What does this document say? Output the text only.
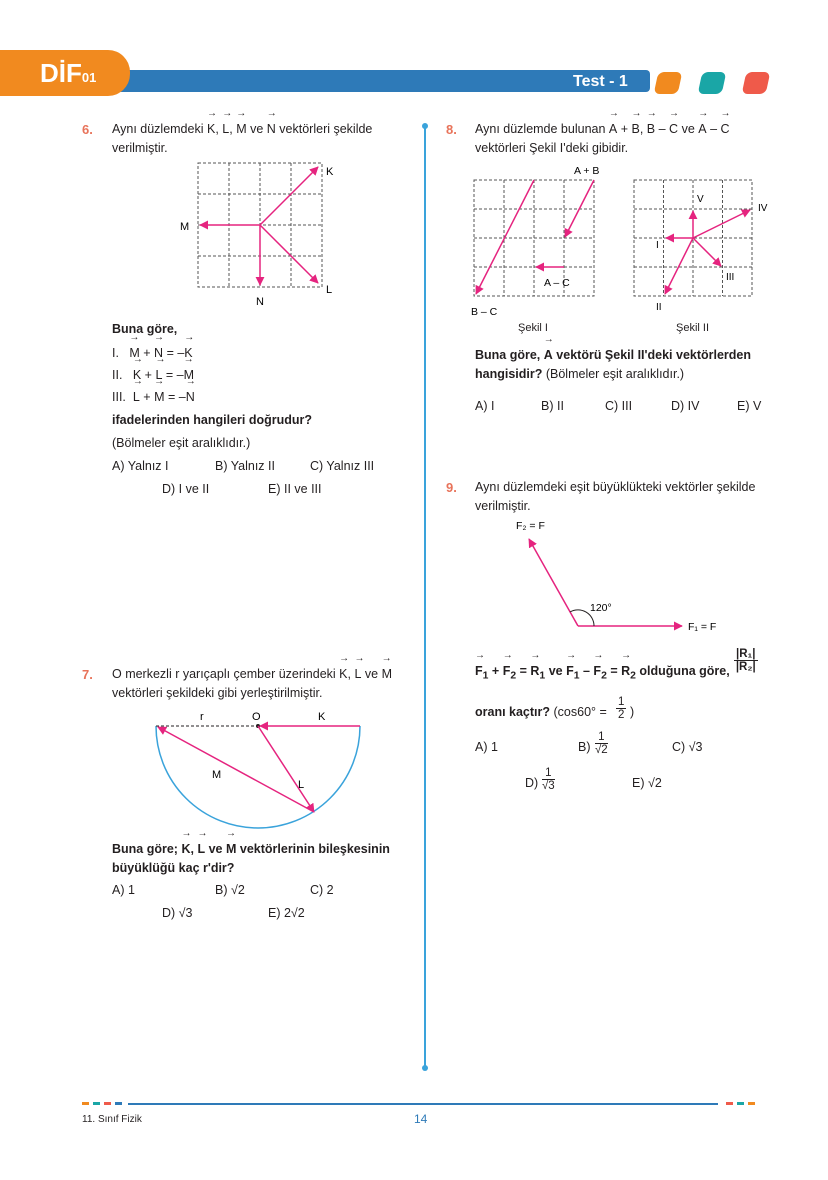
DİF01	Test - 1
6. Aynı düzlemdeki → K, → L, → M ve → N vektörleri şekilde
verilmiştir.
K
L
M
N
Buna göre,
I. → M + → N = –→ K
II. → K + → L = –→ M
III. → L + → M = –→ N
ifadelerinden hangileri doğrudur?
(Bölmeler eşit aralıklıdır.)
A) Yalnız I	B) Yalnız II	C) Yalnız III
D) I ve II	E) II ve III
7. O merkezli r yarıçaplı çember üzerindeki → K, → L ve → M
vektörleri şekildeki gibi yerleştirilmiştir.
r	O	K
L
M
Buna göre; → K, → L ve → M vektörlerinin bileşkesinin
büyüklüğü kaç r'dir?
A) 1	B) √2	C) 2
D) √3	E) 2√2
8. Aynı düzlemde bulunan → A + → B, → B – → C ve → A – → C
vektörleri Şekil I'deki gibidir.
A + B
A – C
B – C
Şekil I
I
II
III
IV
V
Şekil II
Buna göre, → A vektörü Şekil II'deki vektörlerden
hangisidir? (Bölmeler eşit aralıklıdır.)
A) I	B) II	C) III	D) IV	E) V
9. Aynı düzlemdeki eşit büyüklükteki vektörler şekilde
verilmiştir.
F₂ = F
F₁ = F
120°
→ $F_1$ + → $F_2$ = → $R_1$ ve → $F_1$ – → $F_2$ = → $R_2$ olduğuna göre, $\frac{\text{|R₁|}}{\text{|R₂|}}$
oranı kaçtır? ($\cos 60^\circ = \frac{1}{2}$ )
A) 1	$B) \frac{1}{√2}$	C) √3
$D) \frac{1}{√3}$	E) √2
11. Sınıf Fizik	14
